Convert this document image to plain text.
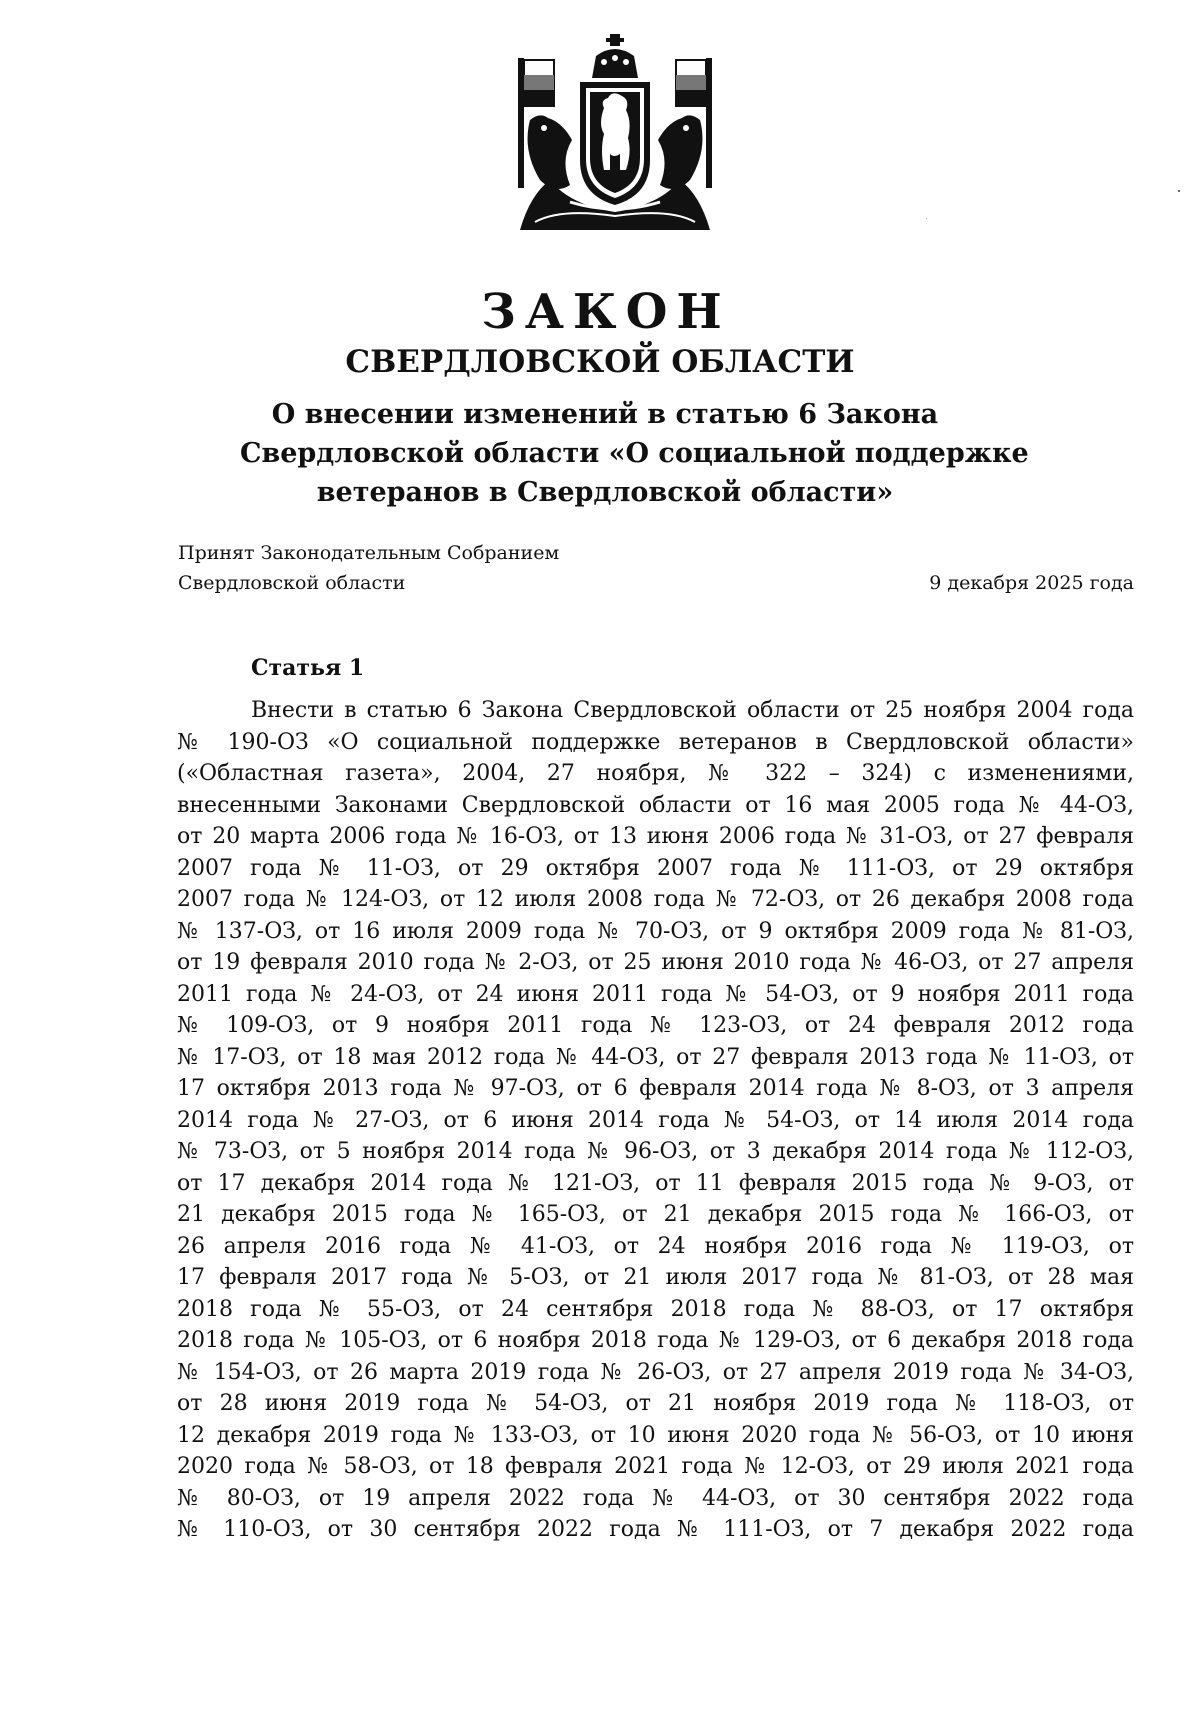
ЗАКОН
СВЕРДЛОВСКОЙ ОБЛАСТИ
О внесении изменений в статью 6 Закона
Свердловской области «О социальной поддержке
ветеранов в Свердловской области»
Принят Законодательным Собранием
Свердловской области	9 декабря 2025 года
Статья 1
Внести в статью 6 Закона Свердловской области от 25 ноября 2004 года
№ 190-ОЗ «О социальной поддержке ветеранов в Свердловской области»
(«Областная газета», 2004, 27 ноября, № 322 – 324) с изменениями,
внесенными Законами Свердловской области от 16 мая 2005 года № 44-ОЗ,
от 20 марта 2006 года № 16-ОЗ, от 13 июня 2006 года № 31-ОЗ, от 27 февраля
2007 года № 11-ОЗ, от 29 октября 2007 года № 111-ОЗ, от 29 октября
2007 года № 124-ОЗ, от 12 июля 2008 года № 72-ОЗ, от 26 декабря 2008 года
№ 137-ОЗ, от 16 июля 2009 года № 70-ОЗ, от 9 октября 2009 года № 81-ОЗ,
от 19 февраля 2010 года № 2-ОЗ, от 25 июня 2010 года № 46-ОЗ, от 27 апреля
2011 года № 24-ОЗ, от 24 июня 2011 года № 54-ОЗ, от 9 ноября 2011 года
№ 109-ОЗ, от 9 ноября 2011 года № 123-ОЗ, от 24 февраля 2012 года
№ 17-ОЗ, от 18 мая 2012 года № 44-ОЗ, от 27 февраля 2013 года № 11-ОЗ, от
17 октября 2013 года № 97-ОЗ, от 6 февраля 2014 года № 8-ОЗ, от 3 апреля
2014 года № 27-ОЗ, от 6 июня 2014 года № 54-ОЗ, от 14 июля 2014 года
№ 73-ОЗ, от 5 ноября 2014 года № 96-ОЗ, от 3 декабря 2014 года № 112-ОЗ,
от 17 декабря 2014 года № 121-ОЗ, от 11 февраля 2015 года № 9-ОЗ, от
21 декабря 2015 года № 165-ОЗ, от 21 декабря 2015 года № 166-ОЗ, от
26 апреля 2016 года № 41-ОЗ, от 24 ноября 2016 года № 119-ОЗ, от
17 февраля 2017 года № 5-ОЗ, от 21 июля 2017 года № 81-ОЗ, от 28 мая
2018 года № 55-ОЗ, от 24 сентября 2018 года № 88-ОЗ, от 17 октября
2018 года № 105-ОЗ, от 6 ноября 2018 года № 129-ОЗ, от 6 декабря 2018 года
№ 154-ОЗ, от 26 марта 2019 года № 26-ОЗ, от 27 апреля 2019 года № 34-ОЗ,
от 28 июня 2019 года № 54-ОЗ, от 21 ноября 2019 года № 118-ОЗ, от
12 декабря 2019 года № 133-ОЗ, от 10 июня 2020 года № 56-ОЗ, от 10 июня
2020 года № 58-ОЗ, от 18 февраля 2021 года № 12-ОЗ, от 29 июля 2021 года
№ 80-ОЗ, от 19 апреля 2022 года № 44-ОЗ, от 30 сентября 2022 года
№ 110-ОЗ, от 30 сентября 2022 года № 111-ОЗ, от 7 декабря 2022 года
